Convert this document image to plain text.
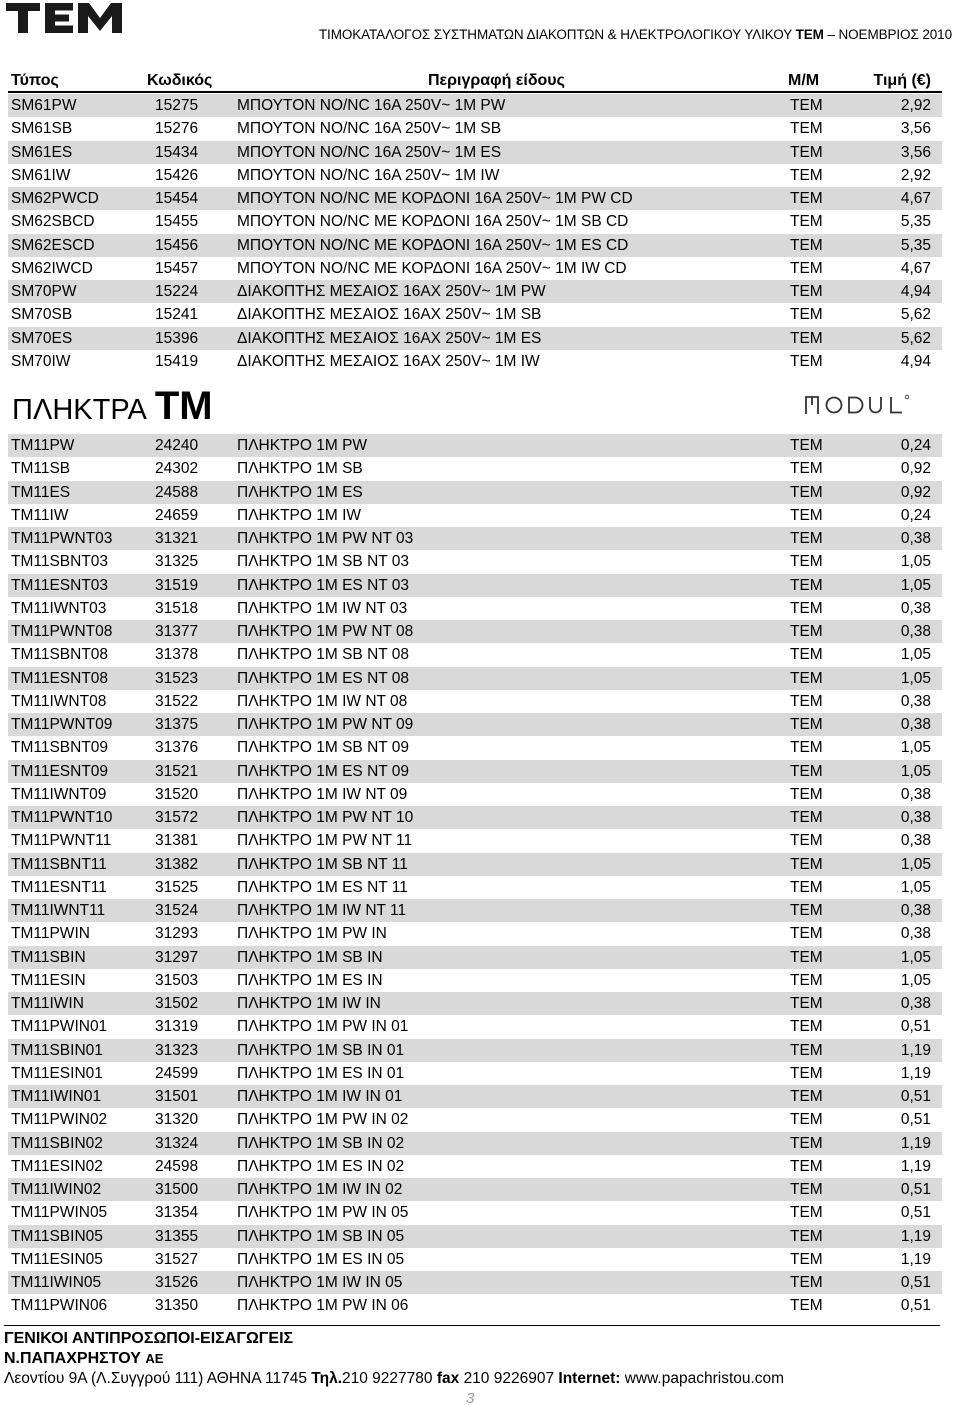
ΤΙΜΟΚΑΤΑΛΟΓΟΣ ΣΥΣΤΗΜΑΤΩΝ ΔΙΑΚΟΠΤΩΝ & ΗΛΕΚΤΡΟΛΟΓΙΚΟΥ ΥΛΙΚΟΥ TEM – ΝΟΕΜΒΡΙΟΣ 2010
Τύπος	Κωδικός	Περιγραφή είδους	Μ/Μ	Τιμή (€)
SM61PW	15275	ΜΠΟΥΤΟΝ NO/NC 16A 250V~ 1M PW	TEM	2,92
SM61SB	15276	ΜΠΟΥΤΟΝ NO/NC 16A 250V~ 1M SB	TEM	3,56
SM61ES	15434	ΜΠΟΥΤΟΝ NO/NC 16A 250V~ 1M ES	TEM	3,56
SM61IW	15426	ΜΠΟΥΤΟΝ NO/NC 16A 250V~ 1M IW	TEM	2,92
SM62PWCD	15454	ΜΠΟΥΤΟΝ NO/NC ΜΕ ΚΟΡΔΟΝΙ 16A 250V~ 1M PW CD	TEM	4,67
SM62SBCD	15455	ΜΠΟΥΤΟΝ NO/NC ΜΕ ΚΟΡΔΟΝΙ 16A 250V~ 1M SB CD	TEM	5,35
SM62ESCD	15456	ΜΠΟΥΤΟΝ NO/NC ΜΕ ΚΟΡΔΟΝΙ 16A 250V~ 1M ES CD	TEM	5,35
SM62IWCD	15457	ΜΠΟΥΤΟΝ NO/NC ΜΕ ΚΟΡΔΟΝΙ 16A 250V~ 1M IW CD	TEM	4,67
SM70PW	15224	ΔΙΑΚΟΠΤΗΣ ΜΕΣΑΙΟΣ 16AX 250V~ 1M PW	TEM	4,94
SM70SB	15241	ΔΙΑΚΟΠΤΗΣ ΜΕΣΑΙΟΣ 16AX 250V~ 1M SB	TEM	5,62
SM70ES	15396	ΔΙΑΚΟΠΤΗΣ ΜΕΣΑΙΟΣ 16AX 250V~ 1M ES	TEM	5,62
SM70IW	15419	ΔΙΑΚΟΠΤΗΣ ΜΕΣΑΙΟΣ 16AX 250V~ 1M IW	TEM	4,94
ΠΛΗΚΤΡΑ TM
TM11PW	24240	ΠΛΗΚΤΡΟ 1M PW	TEM	0,24
TM11SB	24302	ΠΛΗΚΤΡΟ 1M SB	TEM	0,92
TM11ES	24588	ΠΛΗΚΤΡΟ 1M ES	TEM	0,92
TM11IW	24659	ΠΛΗΚΤΡΟ 1M IW	TEM	0,24
TM11PWNT03	31321	ΠΛΗΚΤΡΟ 1M PW NT 03	TEM	0,38
TM11SBNT03	31325	ΠΛΗΚΤΡΟ 1M SB NT 03	TEM	1,05
TM11ESNT03	31519	ΠΛΗΚΤΡΟ 1M ES NT 03	TEM	1,05
TM11IWNT03	31518	ΠΛΗΚΤΡΟ 1M IW NT 03	TEM	0,38
TM11PWNT08	31377	ΠΛΗΚΤΡΟ 1M PW NT 08	TEM	0,38
TM11SBNT08	31378	ΠΛΗΚΤΡΟ 1M SB NT 08	TEM	1,05
TM11ESNT08	31523	ΠΛΗΚΤΡΟ 1M ES NT 08	TEM	1,05
TM11IWNT08	31522	ΠΛΗΚΤΡΟ 1M IW NT 08	TEM	0,38
TM11PWNT09	31375	ΠΛΗΚΤΡΟ 1M PW NT 09	TEM	0,38
TM11SBNT09	31376	ΠΛΗΚΤΡΟ 1M SB NT 09	TEM	1,05
TM11ESNT09	31521	ΠΛΗΚΤΡΟ 1M ES NT 09	TEM	1,05
TM11IWNT09	31520	ΠΛΗΚΤΡΟ 1M IW NT 09	TEM	0,38
TM11PWNT10	31572	ΠΛΗΚΤΡΟ 1M PW NT 10	TEM	0,38
TM11PWNT11	31381	ΠΛΗΚΤΡΟ 1M PW NT 11	TEM	0,38
TM11SBNT11	31382	ΠΛΗΚΤΡΟ 1M SB NT 11	TEM	1,05
TM11ESNT11	31525	ΠΛΗΚΤΡΟ 1M ES NT 11	TEM	1,05
TM11IWNT11	31524	ΠΛΗΚΤΡΟ 1M IW NT 11	TEM	0,38
TM11PWIN	31293	ΠΛΗΚΤΡΟ 1M PW IN	TEM	0,38
TM11SBIN	31297	ΠΛΗΚΤΡΟ 1M SB IN	TEM	1,05
TM11ESIN	31503	ΠΛΗΚΤΡΟ 1M ES IN	TEM	1,05
TM11IWIN	31502	ΠΛΗΚΤΡΟ 1M IW IN	TEM	0,38
TM11PWIN01	31319	ΠΛΗΚΤΡΟ 1M PW IN 01	TEM	0,51
TM11SBIN01	31323	ΠΛΗΚΤΡΟ 1M SB IN 01	TEM	1,19
TM11ESIN01	24599	ΠΛΗΚΤΡΟ 1M ES IN 01	TEM	1,19
TM11IWIN01	31501	ΠΛΗΚΤΡΟ 1M IW IN 01	TEM	0,51
TM11PWIN02	31320	ΠΛΗΚΤΡΟ 1M PW IN 02	TEM	0,51
TM11SBIN02	31324	ΠΛΗΚΤΡΟ 1M SB IN 02	TEM	1,19
TM11ESIN02	24598	ΠΛΗΚΤΡΟ 1M ES IN 02	TEM	1,19
TM11IWIN02	31500	ΠΛΗΚΤΡΟ 1M IW IN 02	TEM	0,51
TM11PWIN05	31354	ΠΛΗΚΤΡΟ 1M PW IN 05	TEM	0,51
TM11SBIN05	31355	ΠΛΗΚΤΡΟ 1M SB IN 05	TEM	1,19
TM11ESIN05	31527	ΠΛΗΚΤΡΟ 1M ES IN 05	TEM	1,19
TM11IWIN05	31526	ΠΛΗΚΤΡΟ 1M IW IN 05	TEM	0,51
TM11PWIN06	31350	ΠΛΗΚΤΡΟ 1M PW IN 06	TEM	0,51
ΓΕΝΙΚΟΙ ΑΝΤΙΠΡΟΣΩΠΟΙ-ΕΙΣΑΓΩΓΕΙΣ
Ν.ΠΑΠΑΧΡΗΣΤΟΥ ΑΕ
Λεοντίου 9Α (Λ.Συγγρού 111) ΑΘΗΝΑ 11745 Τηλ.210 9227780 fax 210 9226907 Internet: www.papachristou.com
3
